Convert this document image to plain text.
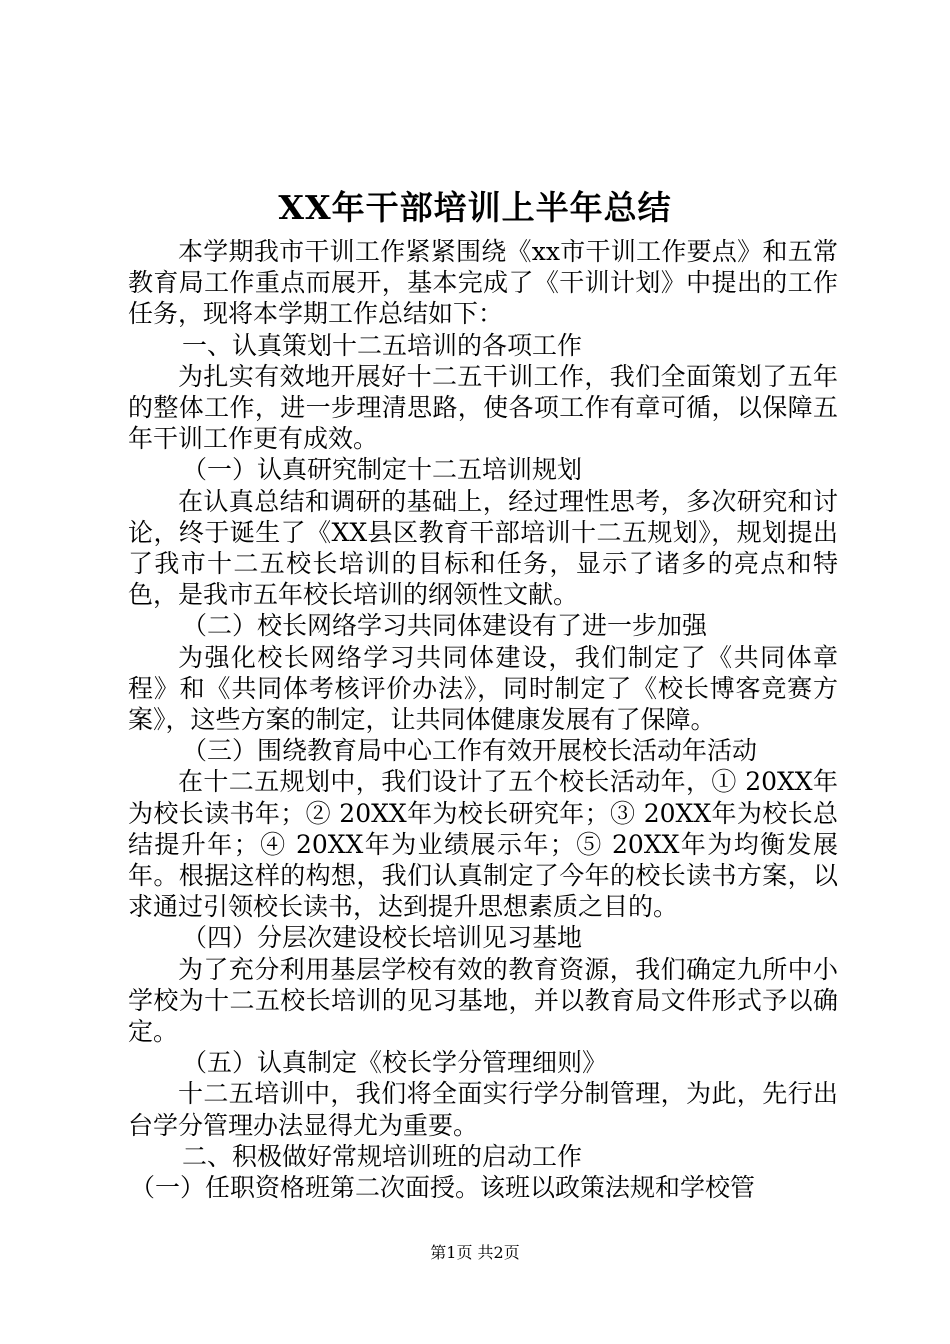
XX年干部培训上半年总结

本学期我市干训工作紧紧围绕《xx市干训工作要点》和五常教育局工作重点而展开，基本完成了《干训计划》中提出的工作任务，现将本学期工作总结如下：

一、认真策划十二五培训的各项工作

为扎实有效地开展好十二五干训工作，我们全面策划了五年的整体工作，进一步理清思路，使各项工作有章可循，以保障五年干训工作更有成效。

（一）认真研究制定十二五培训规划

在认真总结和调研的基础上，经过理性思考，多次研究和讨论，终于诞生了《XX县区教育干部培训十二五规划》，规划提出了我市十二五校长培训的目标和任务，显示了诸多的亮点和特色，是我市五年校长培训的纲领性文献。

（二）校长网络学习共同体建设有了进一步加强

为强化校长网络学习共同体建设，我们制定了《共同体章程》和《共同体考核评价办法》，同时制定了《校长博客竞赛方案》，这些方案的制定，让共同体健康发展有了保障。

（三）围绕教育局中心工作有效开展校长活动年活动

在十二五规划中，我们设计了五个校长活动年，① 20XX年为校长读书年；② 20XX年为校长研究年；③ 20XX年为校长总结提升年；④ 20XX年为业绩展示年；⑤ 20XX年为均衡发展年。根据这样的构想，我们认真制定了今年的校长读书方案，以求通过引领校长读书，达到提升思想素质之目的。

（四）分层次建设校长培训见习基地

为了充分利用基层学校有效的教育资源，我们确定九所中小学校为十二五校长培训的见习基地，并以教育局文件形式予以确定。

（五）认真制定《校长学分管理细则》

十二五培训中，我们将全面实行学分制管理，为此，先行出台学分管理办法显得尤为重要。

二、积极做好常规培训班的启动工作

（一）任职资格班第二次面授。该班以政策法规和学校管

第1页 共2页
